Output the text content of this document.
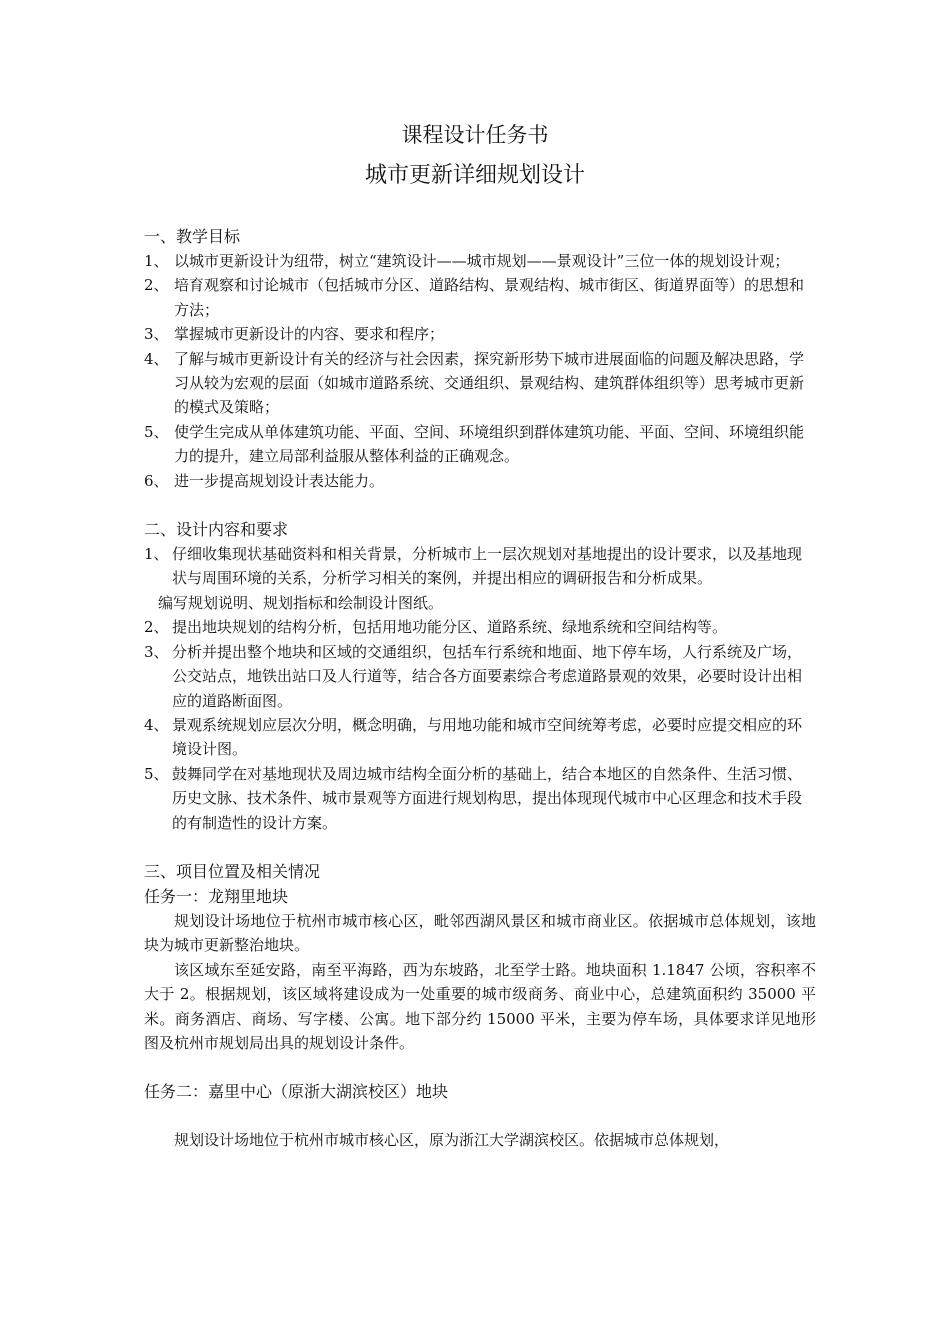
课程设计任务书
城市更新详细规划设计

一、教学目标

1、 以城市更新设计为纽带，树立“建筑设计——城市规划——景观设计”三位一体的规划设计观；
2、 培育观察和讨论城市（包括城市分区、道路结构、景观结构、城市街区、街道界面等）的思想和方法；
3、 掌握城市更新设计的内容、要求和程序；
4、 了解与城市更新设计有关的经济与社会因素，探究新形势下城市进展面临的问题及解决思路，学习从较为宏观的层面（如城市道路系统、交通组织、景观结构、建筑群体组织等）思考城市更新的模式及策略；
5、 使学生完成从单体建筑功能、平面、空间、环境组织到群体建筑功能、平面、空间、环境组织能力的提升，建立局部利益服从整体利益的正确观念。
6、 进一步提高规划设计表达能力。

二、设计内容和要求

1、 仔细收集现状基础资料和相关背景，分析城市上一层次规划对基地提出的设计要求，以及基地现状与周围环境的关系，分析学习相关的案例，并提出相应的调研报告和分析成果。

编写规划说明、规划指标和绘制设计图纸。

2、 提出地块规划的结构分析，包括用地功能分区、道路系统、绿地系统和空间结构等。
3、 分析并提出整个地块和区域的交通组织，包括车行系统和地面、地下停车场，人行系统及广场，公交站点，地铁出站口及人行道等，结合各方面要素综合考虑道路景观的效果，必要时设计出相应的道路断面图。
4、 景观系统规划应层次分明，概念明确，与用地功能和城市空间统筹考虑，必要时应提交相应的环境设计图。
5、 鼓舞同学在对基地现状及周边城市结构全面分析的基础上，结合本地区的自然条件、生活习惯、历史文脉、技术条件、城市景观等方面进行规划构思，提出体现现代城市中心区理念和技术手段的有制造性的设计方案。

三、项目位置及相关情况

任务一：龙翔里地块

规划设计场地位于杭州市城市核心区，毗邻西湖风景区和城市商业区。依据城市总体规划，该地块为城市更新整治地块。

该区域东至延安路，南至平海路，西为东坡路，北至学士路。地块面积 1.1847 公顷，容积率不大于 2。根据规划，该区域将建设成为一处重要的城市级商务、商业中心，总建筑面积约 35000 平米。商务酒店、商场、写字楼、公寓。地下部分约 15000 平米，主要为停车场，具体要求详见地形图及杭州市规划局出具的规划设计条件。

任务二：嘉里中心（原浙大湖滨校区）地块

规划设计场地位于杭州市城市核心区，原为浙江大学湖滨校区。依据城市总体规划，
